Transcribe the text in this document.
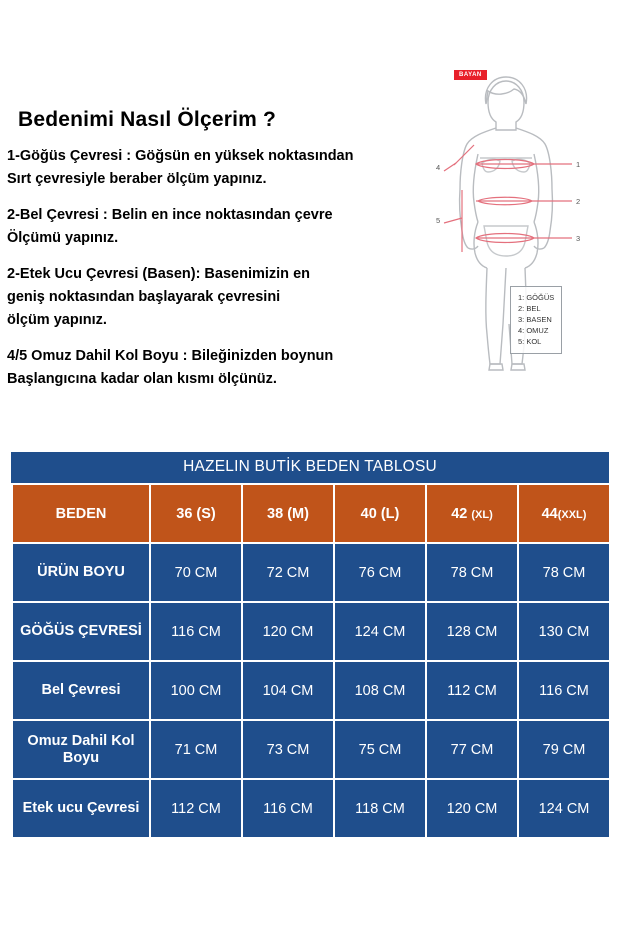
Bedenimi Nasıl Ölçerim ?
1-Göğüs Çevresi : Göğsün en yüksek noktasından
Sırt çevresiyle beraber ölçüm yapınız.
2-Bel Çevresi : Belin en ince noktasından çevre
Ölçümü yapınız.
2-Etek Ucu Çevresi (Basen): Basenimizin en
geniş noktasından başlayarak çevresini
ölçüm yapınız.
4/5 Omuz Dahil Kol Boyu : Bileğinizden boynun
Başlangıcına kadar olan kısmı ölçünüz.
BAYAN
1
2
3
4
5
1: GÖĞÜS
2: BEL
3: BASEN
4: OMUZ
5: KOL
HAZELIN BUTİK BEDEN TABLOSU
BEDEN	36 (S)	38 (M)	40 (L)	42 (XL)	44(XXL)
ÜRÜN BOYU	70 CM	72 CM	76 CM	78 CM	78 CM
GÖĞÜS ÇEVRESİ	116 CM	120 CM	124 CM	128 CM	130 CM
Bel Çevresi	100 CM	104 CM	108 CM	112 CM	116 CM
Omuz Dahil Kol Boyu	71 CM	73 CM	75 CM	77 CM	79 CM
Etek ucu Çevresi	112 CM	116 CM	118 CM	120 CM	124 CM
